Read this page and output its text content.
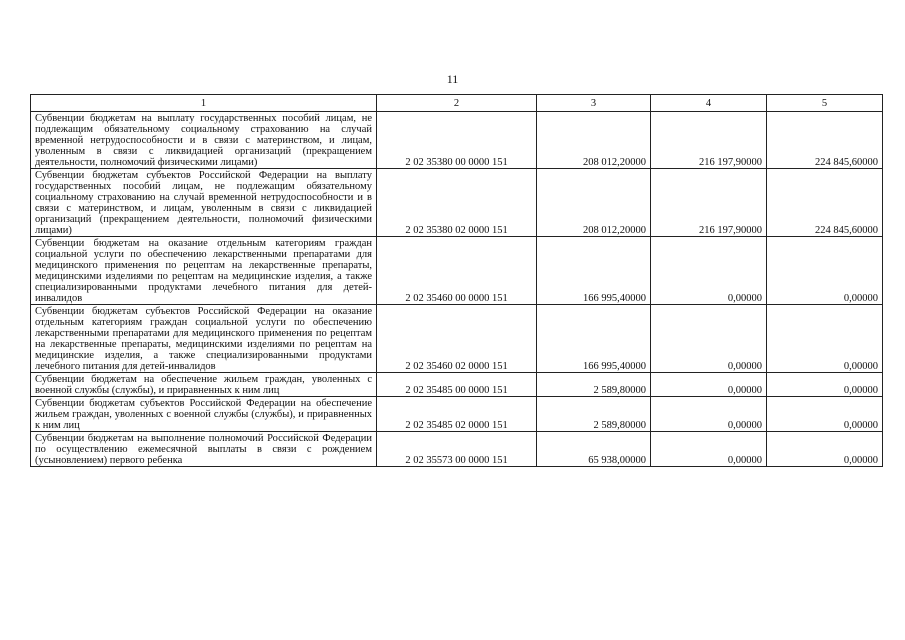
11
1	2	3	4	5
Субвенции бюджетам на выплату государственных пособий лицам, не подлежащим обязательному социальному страхованию на случай временной нетрудоспособности и в связи с материнством, и лицам, уволенным в связи с ликвидацией организаций (прекращением деятельности, полномочий физическими лицами)	2 02 35380 00 0000 151	208 012,20000	216 197,90000	224 845,60000
Субвенции бюджетам субъектов Российской Федерации на выплату государственных пособий лицам, не подлежащим обязательному социальному страхованию на случай временной нетрудоспособности и в связи с материнством, и лицам, уволенным в связи с ликвидацией организаций (прекращением деятельности, полномочий физическими лицами)	2 02 35380 02 0000 151	208 012,20000	216 197,90000	224 845,60000
Субвенции бюджетам на оказание отдельным категориям граждан социальной услуги по обеспечению лекарственными препаратами для медицинского применения по рецептам на лекарственные препараты, медицинскими изделиями по рецептам на медицинские изделия, а также специализированными продуктами лечебного питания для детей-инвалидов	2 02 35460 00 0000 151	166 995,40000	0,00000	0,00000
Субвенции бюджетам субъектов Российской Федерации на оказание отдельным категориям граждан социальной услуги по обеспечению лекарственными препаратами для медицинского применения по рецептам на лекарственные препараты, медицинскими изделиями по рецептам на медицинские изделия, а также специализированными продуктами лечебного питания для детей-инвалидов	2 02 35460 02 0000 151	166 995,40000	0,00000	0,00000
Субвенции бюджетам на обеспечение жильем граждан, уволенных с военной службы (службы), и приравненных к ним лиц	2 02 35485 00 0000 151	2 589,80000	0,00000	0,00000
Субвенции бюджетам субъектов Российской Федерации на обеспечение жильем граждан, уволенных с военной службы (службы), и приравненных к ним лиц	2 02 35485 02 0000 151	2 589,80000	0,00000	0,00000
Субвенции бюджетам на выполнение полномочий Российской Федерации по осуществлению ежемесячной выплаты в связи с рождением (усыновлением) первого ребенка	2 02 35573 00 0000 151	65 938,00000	0,00000	0,00000
